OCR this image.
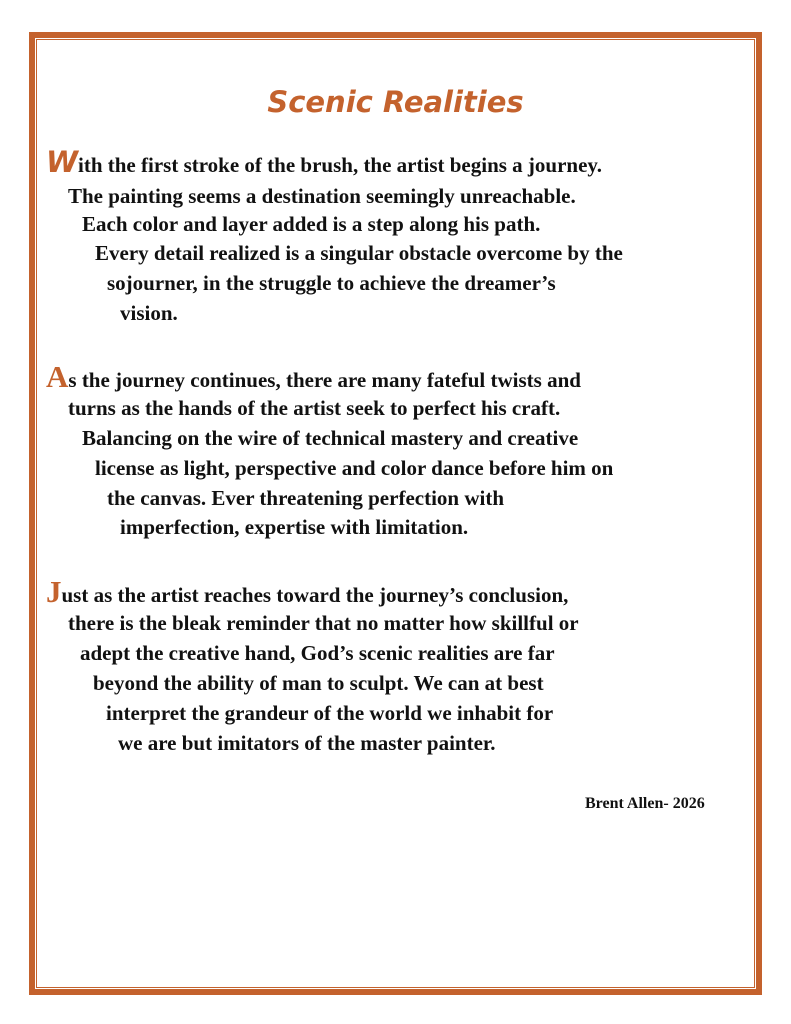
Scenic Realities

With the first stroke of the brush, the artist begins a journey.

The painting seems a destination seemingly unreachable.

Each color and layer added is a step along his path.

Every detail realized is a singular obstacle overcome by the

sojourner, in the struggle to achieve the dreamer’s

vision.

As the journey continues, there are many fateful twists and

turns as the hands of the artist seek to perfect his craft.

Balancing on the wire of technical mastery and creative

license as light, perspective and color dance before him on

the canvas. Ever threatening perfection with

imperfection, expertise with limitation.

Just as the artist reaches toward the journey’s conclusion,

there is the bleak reminder that no matter how skillful or

adept the creative hand, God’s scenic realities are far

beyond the ability of man to sculpt. We can at best

interpret the grandeur of the world we inhabit for

we are but imitators of the master painter.

Brent Allen- 2026
